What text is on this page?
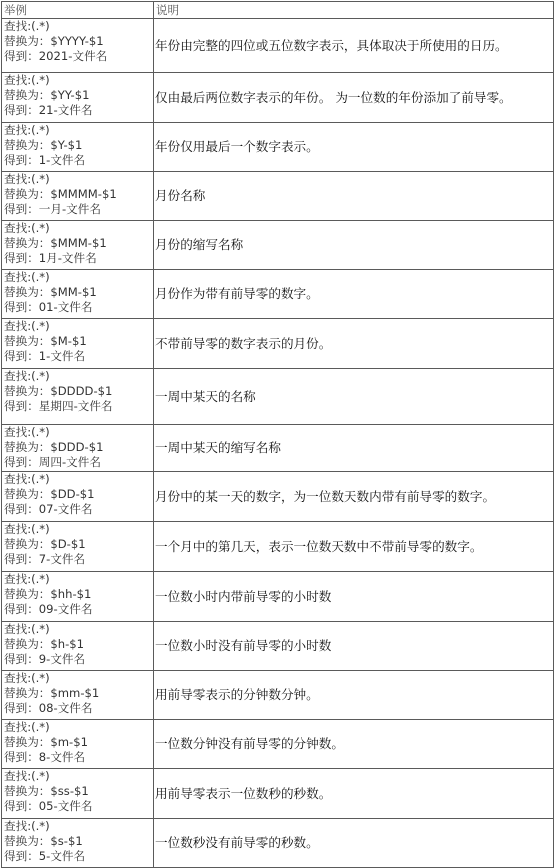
举例	说明

查找:(.*)
替换为：$YYYY-$1
得到：2021-文件名	年份由完整的四位或五位数字表示，具体取决于所使用的日历。

查找:(.*)
替换为：$YY-$1
得到：21-文件名	仅由最后两位数字表示的年份。 为一位数的年份添加了前导零。

查找:(.*)
替换为：$Y-$1
得到：1-文件名	年份仅用最后一个数字表示。

查找:(.*)
替换为：$MMMM-$1
得到：一月-文件名	月份名称

查找:(.*)
替换为：$MMM-$1
得到：1月-文件名	月份的缩写名称

查找:(.*)
替换为：$MM-$1
得到：01-文件名	月份作为带有前导零的数字。

查找:(.*)
替换为：$M-$1
得到：1-文件名	不带前导零的数字表示的月份。

查找:(.*)
替换为：$DDDD-$1
得到：星期四-文件名	一周中某天的名称

查找:(.*)
替换为：$DDD-$1
得到：周四-文件名	一周中某天的缩写名称

查找:(.*)
替换为：$DD-$1
得到：07-文件名	月份中的某一天的数字，为一位数天数内带有前导零的数字。

查找:(.*)
替换为：$D-$1
得到：7-文件名	一个月中的第几天，表示一位数天数中不带前导零的数字。

查找:(.*)
替换为：$hh-$1
得到：09-文件名	一位数小时内带前导零的小时数

查找:(.*)
替换为：$h-$1
得到：9-文件名	一位数小时没有前导零的小时数

查找:(.*)
替换为：$mm-$1
得到：08-文件名	用前导零表示的分钟数分钟。

查找:(.*)
替换为：$m-$1
得到：8-文件名	一位数分钟没有前导零的分钟数。

查找:(.*)
替换为：$ss-$1
得到：05-文件名	用前导零表示一位数秒的秒数。

查找:(.*)
替换为：$s-$1
得到：5-文件名	一位数秒没有前导零的秒数。
